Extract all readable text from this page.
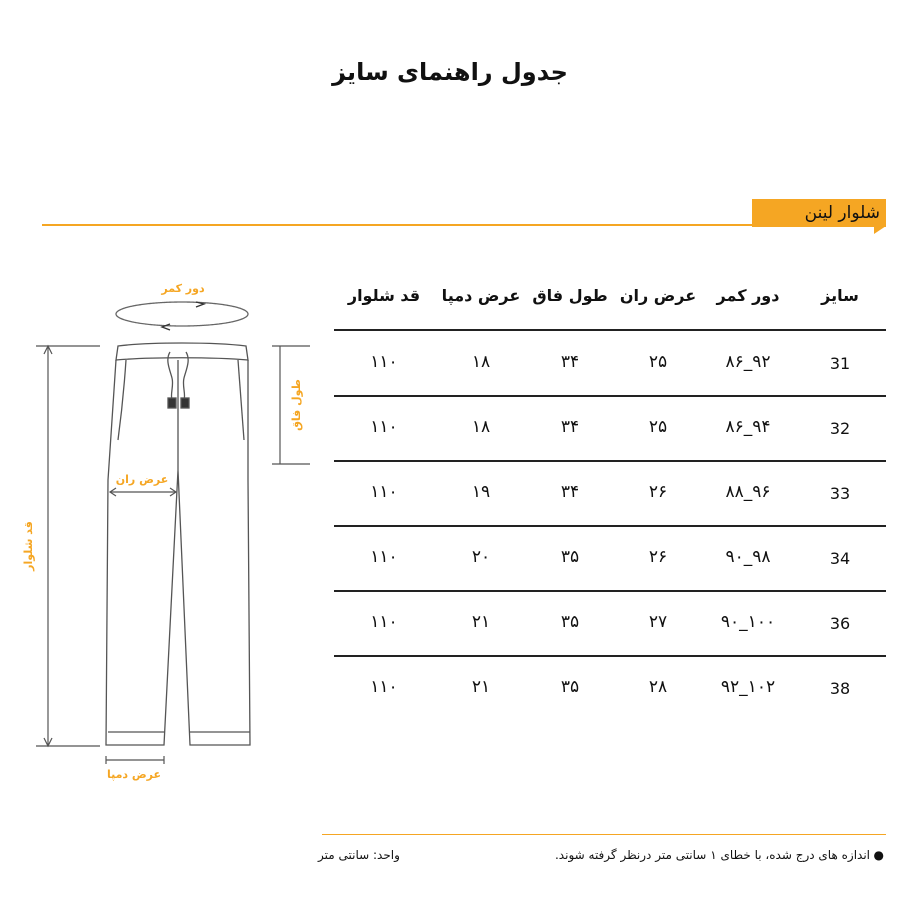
جدول راهنمای سایز
شلوار لینن
دور کمر
طول فاق
عرض ران
قد شلوار
عرض دمپا
سایز
دور کمر
عرض ران
طول فاق
عرض دمپا
قد شلوار
31
۸۶_۹۲
۲۵
۳۴
۱۸
۱۱۰
32
۸۶_۹۴
۲۵
۳۴
۱۸
۱۱۰
33
۸۸_۹۶
۲۶
۳۴
۱۹
۱۱۰
34
۹۰_۹۸
۲۶
۳۵
۲۰
۱۱۰
36
۹۰_۱۰۰
۲۷
۳۵
۲۱
۱۱۰
38
۹۲_۱۰۲
۲۸
۳۵
۲۱
۱۱۰
●
اندازه های درج شده، با خطای ۱ سانتی متر درنظر گرفته شوند.
واحد: سانتی متر
